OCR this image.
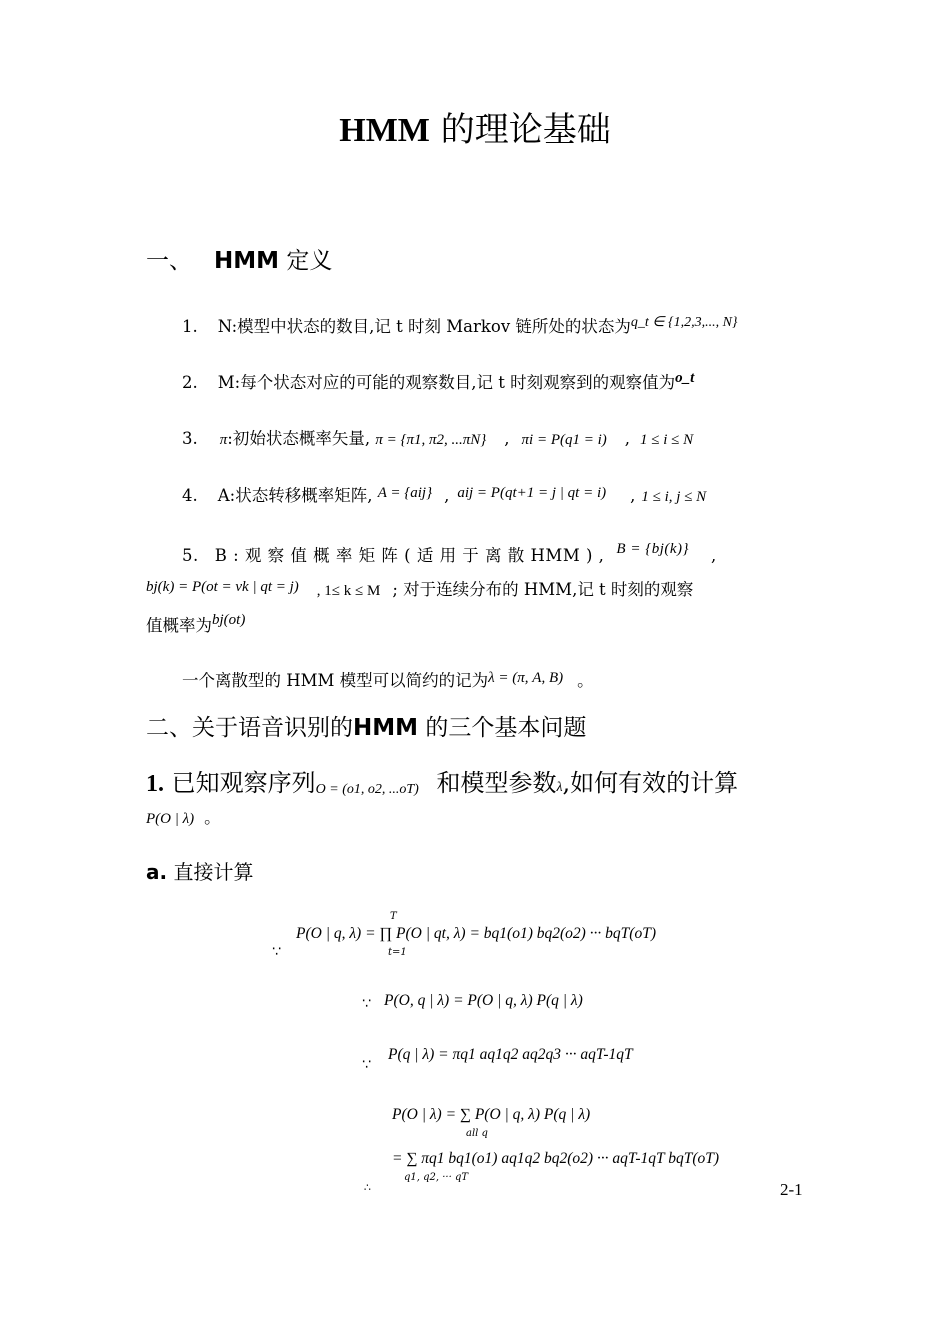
HMM 的理论基础
一、 HMM 定义
1. N:模型中状态的数目,记 t 时刻 Markov 链所处的状态为$^{q\_t \in \{1,2,3,..., N\}}$
2. M:每个状态对应的可能的观察数目,记 t 时刻观察到的观察值为o_t
3. π:初始状态概率矢量, π = {π1, π2, ...πN} , πi = P(q1 = i) , 1 ≤ i ≤ N
4. A:状态转移概率矩阵, A = {aij} , aij = P(qt+1 = j | qt = i) , 1 ≤ i, j ≤ N
5. B : 观 察 值 概 率 矩 阵 ( 适 用 于 离 散 HMM ) , B = {bj(k)} ,
bj(k) = P(ot = vk | qt = j) , 1≤ k ≤ M ; 对于连续分布的 HMM,记 t 时刻的观察
值概率为bj(ot)
一个离散型的 HMM 模型可以简约的记为λ = (π, A, B) 。
二、关于语音识别的HMM 的三个基本问题
1. 已知观察序列O = (o1, o2, ...oT) 和模型参数λ,如何有效的计算
P(O | λ) 。
a. 直接计算
T
P(O | q, λ) = ∏ P(O | qt, λ) = bq1(o1) bq2(o2) ··· bqT(oT)
t=1
∵
∵ P(O, q | λ) = P(O | q, λ) P(q | λ)
∵
P(q | λ) = πq1 aq1q2 aq2q3 ··· aqT-1qT
P(O | λ) = ∑ P(O | q, λ) P(q | λ)
all q
= ∑ πq1 bq1(o1) aq1q2 bq2(o2) ··· aqT-1qT bqT(oT)
q1, q2, ··· qT
∴	2-1
